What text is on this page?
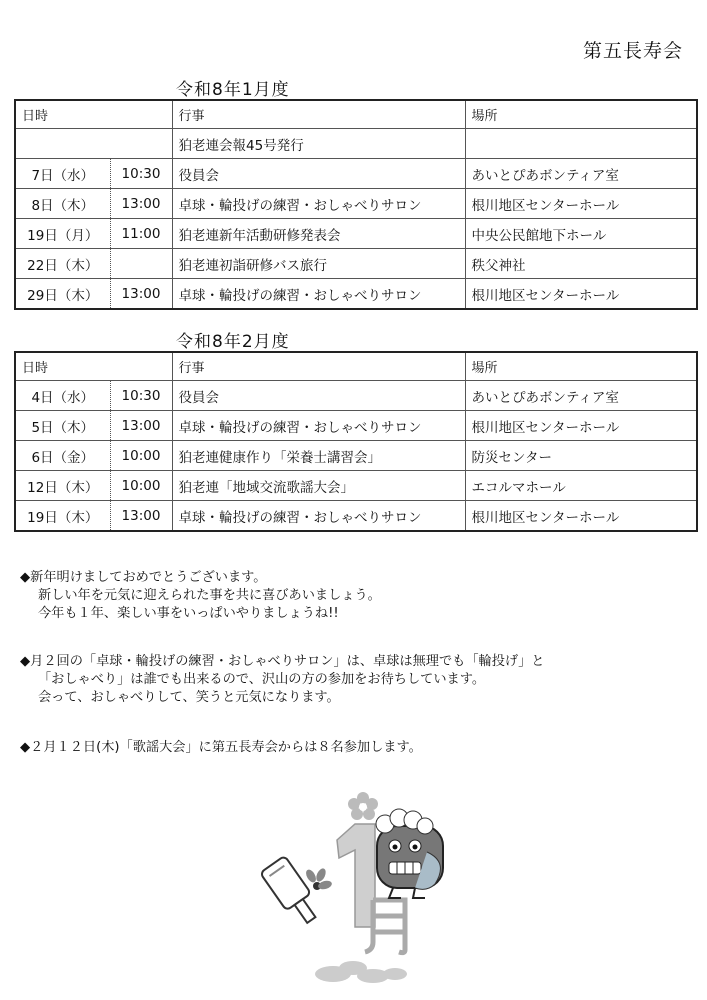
第五長寿会
令和8年1月度
日時		行事	場所
		狛老連会報45号発行	
7日（水）	10:30	役員会	あいとぴあボンティア室
8日（木）	13:00	卓球・輪投げの練習・おしゃべりサロン	根川地区センターホール
19日（月）	11:00	狛老連新年活動研修発表会	中央公民館地下ホール
22日（木）		狛老連初詣研修バス旅行	秩父神社
29日（木）	13:00	卓球・輪投げの練習・おしゃべりサロン	根川地区センターホール
令和8年2月度
日時		行事	場所
4日（水）	10:30	役員会	あいとぴあボンティア室
5日（木）	13:00	卓球・輪投げの練習・おしゃべりサロン	根川地区センターホール
6日（金）	10:00	狛老連健康作り「栄養士講習会」	防災センター
12日（木）	10:00	狛老連「地域交流歌謡大会」	エコルマホール
19日（木）	13:00	卓球・輪投げの練習・おしゃべりサロン	根川地区センターホール
◆新年明けましておめでとうございます。
新しい年を元気に迎えられた事を共に喜びあいましょう。
今年も１年、楽しい事をいっぱいやりましょうね!!
◆月２回の「卓球・輪投げの練習・おしゃべりサロン」は、卓球は無理でも「輪投げ」と
「おしゃべり」は誰でも出来るので、沢山の方の参加をお待ちしています。
会って、おしゃべりして、笑うと元気になります。
◆２月１２日(木)「歌謡大会」に第五長寿会からは８名参加します。
